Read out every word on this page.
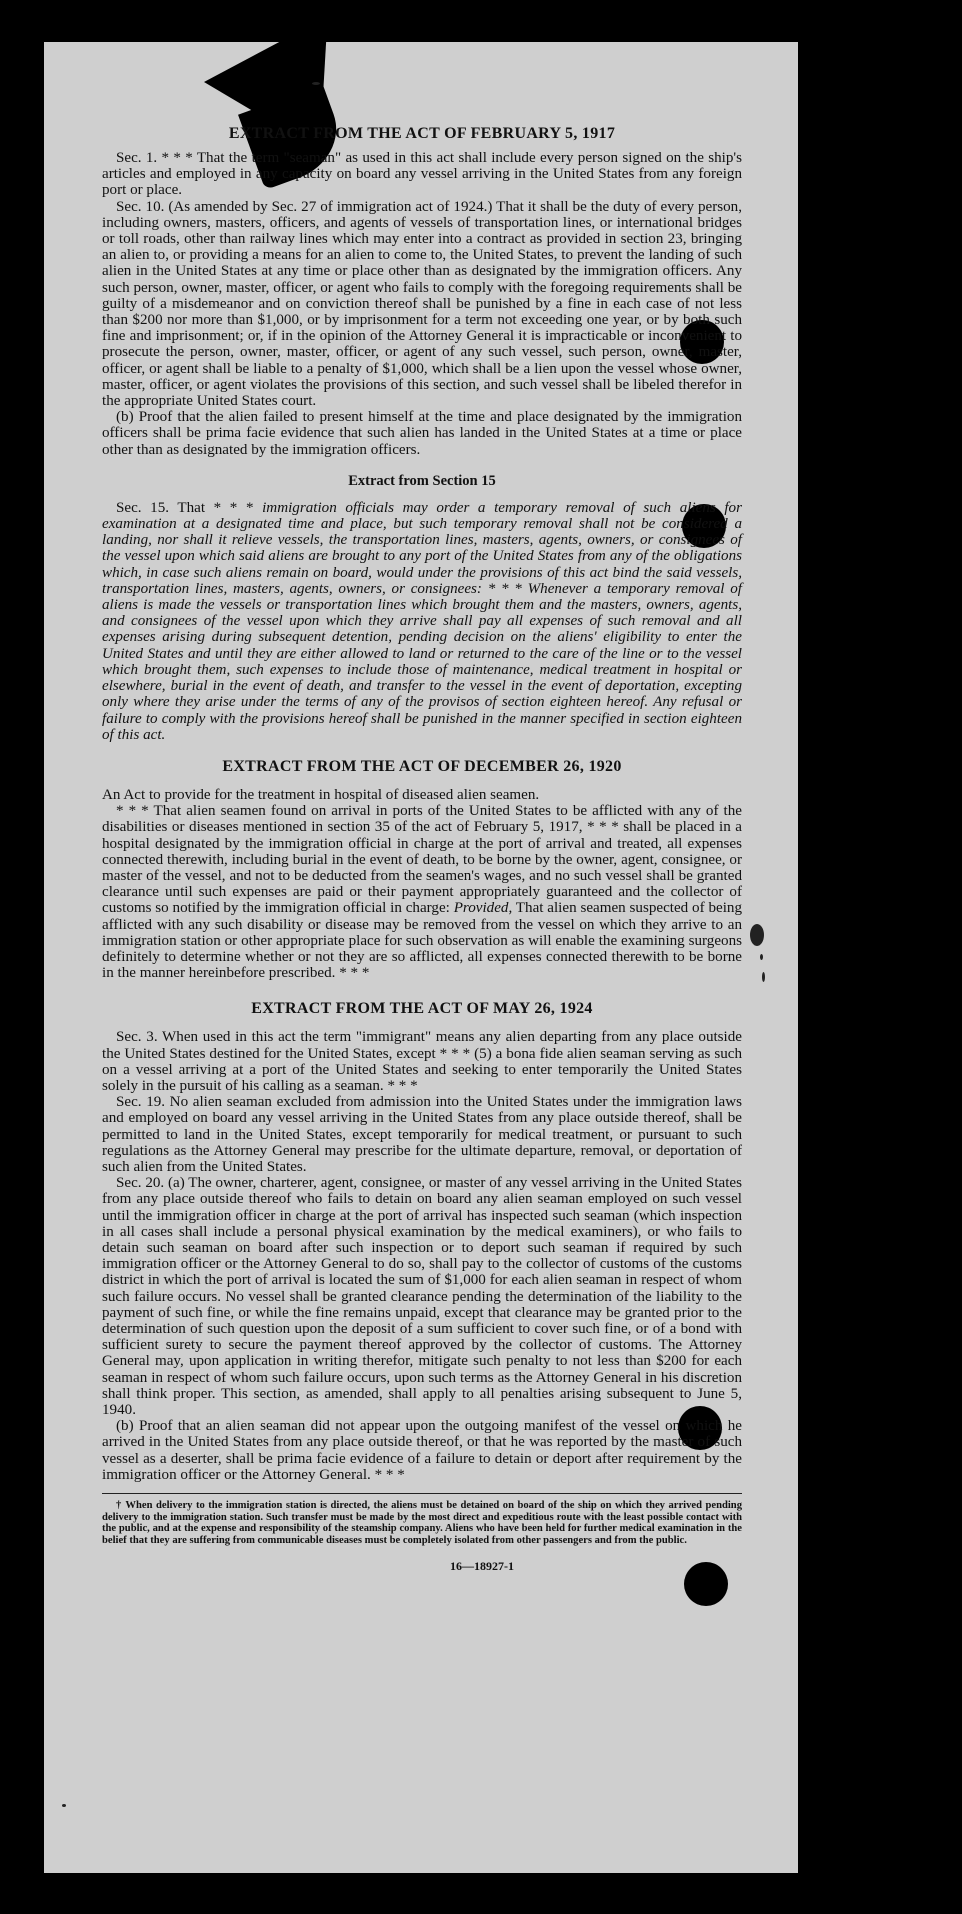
EXTRACT FROM THE ACT OF FEBRUARY 5, 1917

Sec. 1. * * * That the term "seaman" as used in this act shall include every person signed on the ship's articles and employed in any capacity on board any vessel arriving in the United States from any foreign port or place.

Sec. 10. (As amended by Sec. 27 of immigration act of 1924.) That it shall be the duty of every person, including owners, masters, officers, and agents of vessels of transportation lines, or international bridges or toll roads, other than railway lines which may enter into a contract as provided in section 23, bringing an alien to, or providing a means for an alien to come to, the United States, to prevent the landing of such alien in the United States at any time or place other than as designated by the immigration officers. Any such person, owner, master, officer, or agent who fails to comply with the foregoing requirements shall be guilty of a misdemeanor and on conviction thereof shall be punished by a fine in each case of not less than $200 nor more than $1,000, or by imprisonment for a term not exceeding one year, or by both such fine and imprisonment; or, if in the opinion of the Attorney General it is impracticable or inconvenient to prosecute the person, owner, master, officer, or agent of any such vessel, such person, owner, master, officer, or agent shall be liable to a penalty of $1,000, which shall be a lien upon the vessel whose owner, master, officer, or agent violates the provisions of this section, and such vessel shall be libeled therefor in the appropriate United States court.

(b) Proof that the alien failed to present himself at the time and place designated by the immigration officers shall be prima facie evidence that such alien has landed in the United States at a time or place other than as designated by the immigration officers.

Extract from Section 15

Sec. 15. That * * * immigration officials may order a temporary removal of such aliens for examination at a designated time and place, but such temporary removal shall not be considered a landing, nor shall it relieve vessels, the transportation lines, masters, agents, owners, or consignees of the vessel upon which said aliens are brought to any port of the United States from any of the obligations which, in case such aliens remain on board, would under the provisions of this act bind the said vessels, transportation lines, masters, agents, owners, or consignees: * * * Whenever a temporary removal of aliens is made the vessels or transportation lines which brought them and the masters, owners, agents, and consignees of the vessel upon which they arrive shall pay all expenses of such removal and all expenses arising during subsequent detention, pending decision on the aliens' eligibility to enter the United States and until they are either allowed to land or returned to the care of the line or to the vessel which brought them, such expenses to include those of maintenance, medical treatment in hospital or elsewhere, burial in the event of death, and transfer to the vessel in the event of deportation, excepting only where they arise under the terms of any of the provisos of section eighteen hereof. Any refusal or failure to comply with the provisions hereof shall be punished in the manner specified in section eighteen of this act.

EXTRACT FROM THE ACT OF DECEMBER 26, 1920

An Act to provide for the treatment in hospital of diseased alien seamen.

* * * That alien seamen found on arrival in ports of the United States to be afflicted with any of the disabilities or diseases mentioned in section 35 of the act of February 5, 1917, * * * shall be placed in a hospital designated by the immigration official in charge at the port of arrival and treated, all expenses connected therewith, including burial in the event of death, to be borne by the owner, agent, consignee, or master of the vessel, and not to be deducted from the seamen's wages, and no such vessel shall be granted clearance until such expenses are paid or their payment appropriately guaranteed and the collector of customs so notified by the immigration official in charge: Provided, That alien seamen suspected of being afflicted with any such disability or disease may be removed from the vessel on which they arrive to an immigration station or other appropriate place for such observation as will enable the examining surgeons definitely to determine whether or not they are so afflicted, all expenses connected therewith to be borne in the manner hereinbefore prescribed. * * *

EXTRACT FROM THE ACT OF MAY 26, 1924

Sec. 3. When used in this act the term "immigrant" means any alien departing from any place outside the United States destined for the United States, except * * * (5) a bona fide alien seaman serving as such on a vessel arriving at a port of the United States and seeking to enter temporarily the United States solely in the pursuit of his calling as a seaman. * * *

Sec. 19. No alien seaman excluded from admission into the United States under the immigration laws and employed on board any vessel arriving in the United States from any place outside thereof, shall be permitted to land in the United States, except temporarily for medical treatment, or pursuant to such regulations as the Attorney General may prescribe for the ultimate departure, removal, or deportation of such alien from the United States.

Sec. 20. (a) The owner, charterer, agent, consignee, or master of any vessel arriving in the United States from any place outside thereof who fails to detain on board any alien seaman employed on such vessel until the immigration officer in charge at the port of arrival has inspected such seaman (which inspection in all cases shall include a personal physical examination by the medical examiners), or who fails to detain such seaman on board after such inspection or to deport such seaman if required by such immigration officer or the Attorney General to do so, shall pay to the collector of customs of the customs district in which the port of arrival is located the sum of $1,000 for each alien seaman in respect of whom such failure occurs. No vessel shall be granted clearance pending the determination of the liability to the payment of such fine, or while the fine remains unpaid, except that clearance may be granted prior to the determination of such question upon the deposit of a sum sufficient to cover such fine, or of a bond with sufficient surety to secure the payment thereof approved by the collector of customs. The Attorney General may, upon application in writing therefor, mitigate such penalty to not less than $200 for each seaman in respect of whom such failure occurs, upon such terms as the Attorney General in his discretion shall think proper. This section, as amended, shall apply to all penalties arising subsequent to June 5, 1940.

(b) Proof that an alien seaman did not appear upon the outgoing manifest of the vessel on which he arrived in the United States from any place outside thereof, or that he was reported by the master of such vessel as a deserter, shall be prima facie evidence of a failure to detain or deport after requirement by the immigration officer or the Attorney General. * * *

† When delivery to the immigration station is directed, the aliens must be detained on board of the ship on which they arrived pending delivery to the immigration station. Such transfer must be made by the most direct and expeditious route with the least possible contact with the public, and at the expense and responsibility of the steamship company. Aliens who have been held for further medical examination in the belief that they are suffering from communicable diseases must be completely isolated from other passengers and from the public.

16—18927-1
